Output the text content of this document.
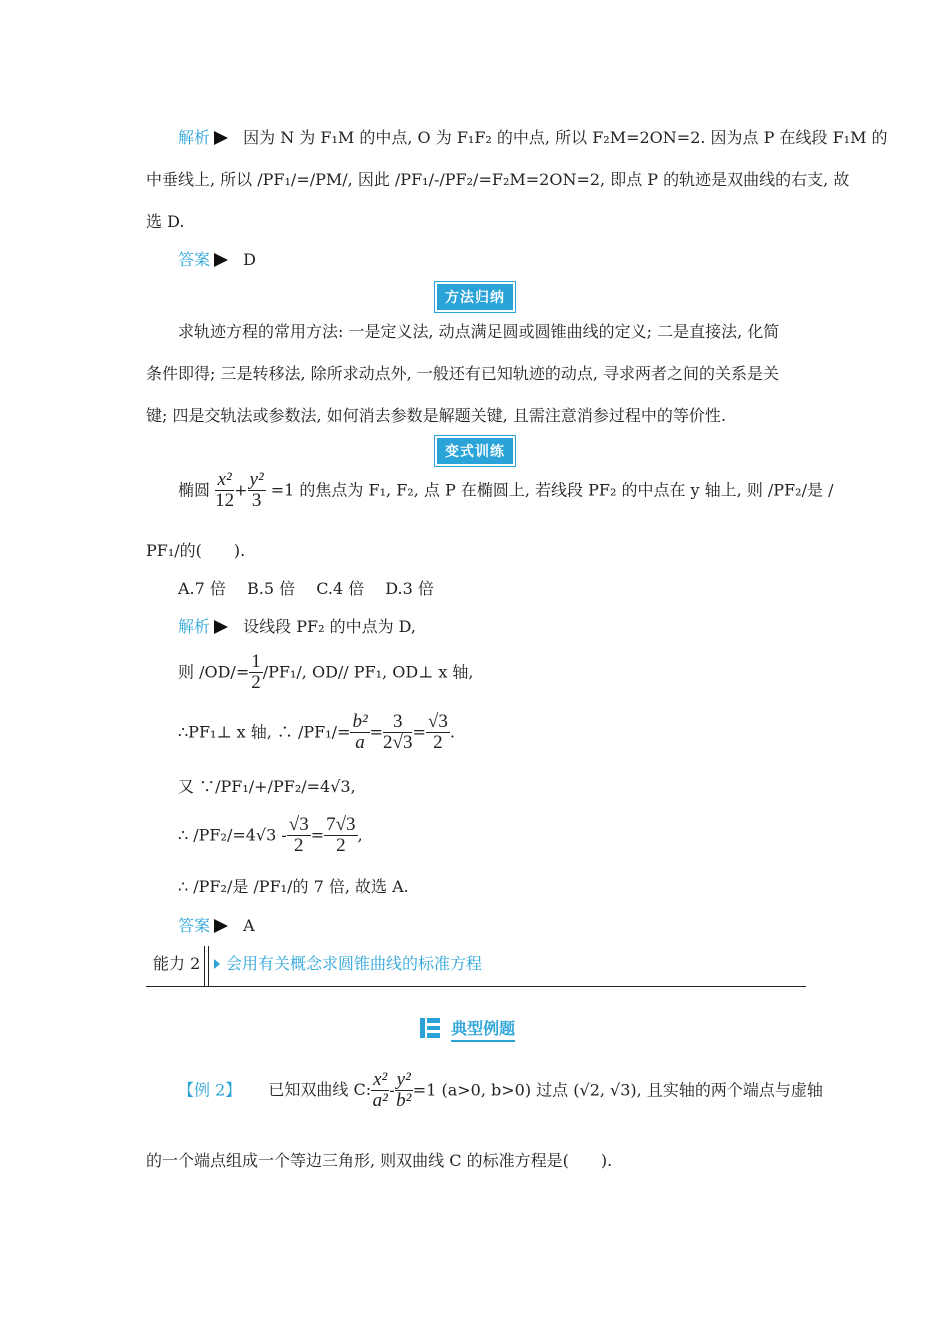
解析 因为 N 为 F₁M 的中点, O 为 F₁F₂ 的中点, 所以 F₂M=2ON=2. 因为点 P 在线段 F₁M 的
中垂线上, 所以 /PF₁/=/PM/, 因此 /PF₁/-/PF₂/=F₂M=2ON=2, 即点 P 的轨迹是双曲线的右支, 故
选 D.
答案 D
方法归纳
求轨迹方程的常用方法: 一是定义法, 动点满足圆或圆锥曲线的定义; 二是直接法, 化简
条件即得; 三是转移法, 除所求动点外, 一般还有已知轨迹的动点, 寻求两者之间的关系是关
键; 四是交轨法或参数法, 如何消去参数是解题关键, 且需注意消参过程中的等价性.
变式训练
椭圆 $\frac{\text{x²}}{12} + \frac{\text{y²}}{3} =1$ 的焦点为 F₁, F₂, 点 P 在椭圆上, 若线段 PF₂ 的中点在 y 轴上, 则 /PF₂/是 /
PF₁/的(　　).
A.7 倍　 B.5 倍　 C.4 倍　 D.3 倍
解析 设线段 PF₂ 的中点为 D,
则 $/OD/= \frac{1}{2} /PF_1/$, OD// PF₁, OD⊥ x 轴,
∴PF₁⊥ x 轴, ∴ $/PF_1/= \frac{\text{b²}}{a} = \frac{3}{2√3} = \frac{√3}{2}$ .
又 ∵/PF₁/+/PF₂/=4√3,
∴ $/PF_2/=4√3 - \frac{√3}{2} = \frac{7√3}{2}$ ,
∴ /PF₂/是 /PF₁/的 7 倍, 故选 A.
答案 A
能力 2	会用有关概念求圆锥曲线的标准方程
典型例题
【例 2】 已知双曲线 C: $\frac{\text{x²}}{\text{a²}} - \frac{\text{y²}}{\text{b²}} =1$ (a>0, b>0) 过点 (√2, √3), 且实轴的两个端点与虚轴
的一个端点组成一个等边三角形, 则双曲线 C 的标准方程是(　　).
